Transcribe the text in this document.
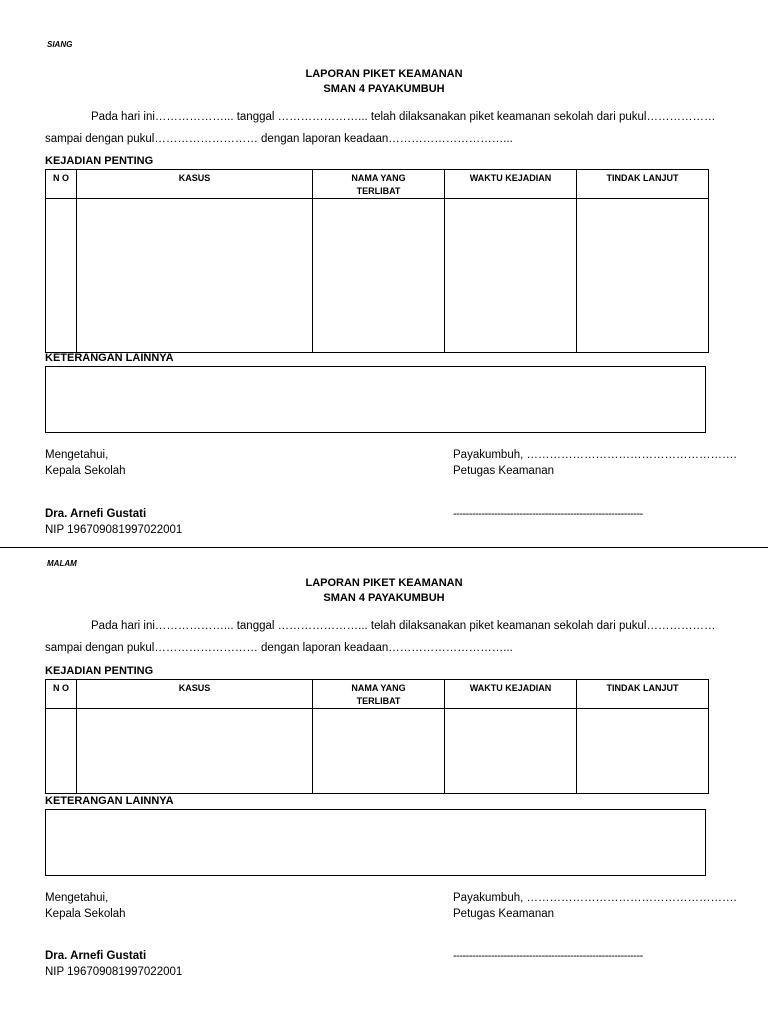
SIANG
LAPORAN PIKET KEAMANAN
SMAN 4 PAYAKUMBUH
Pada hari ini………………... tanggal …………………... telah dilaksanakan piket keamanan sekolah dari pukul………………
sampai dengan pukul……………………… dengan laporan keadaan…………………………...
KEJADIAN PENTING
N O	KASUS	NAMA YANG TERLIBAT	WAKTU KEJADIAN	TINDAK LANJUT

KETERANGAN LAINNYA
Mengetahui,
Kepala Sekolah
Payakumbuh, ……………………………………………….
Petugas Keamanan
Dra. Arnefi Gustati
NIP 196709081997022001
------------------------------------------------------------
MALAM
LAPORAN PIKET KEAMANAN
SMAN 4 PAYAKUMBUH
Pada hari ini………………... tanggal …………………... telah dilaksanakan piket keamanan sekolah dari pukul………………
sampai dengan pukul……………………… dengan laporan keadaan…………………………...
KEJADIAN PENTING
N O	KASUS	NAMA YANG TERLIBAT	WAKTU KEJADIAN	TINDAK LANJUT

KETERANGAN LAINNYA
Mengetahui,
Kepala Sekolah
Payakumbuh, ……………………………………………….
Petugas Keamanan
Dra. Arnefi Gustati
NIP 196709081997022001
------------------------------------------------------------
